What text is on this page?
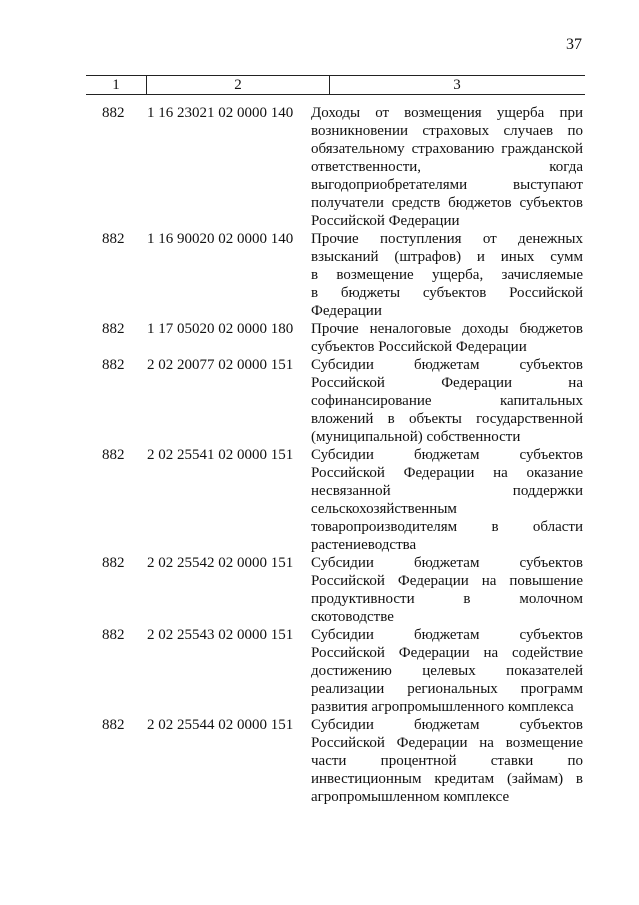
37
1	2	3
882	1 16 23021 02 0000 140	Доходы от возмещения ущерба при
возникновении страховых случаев по
обязательному страхованию гражданской
ответственности, когда
выгодоприобретателями выступают
получатели средств бюджетов субъектов
Российской Федерации
882	1 16 90020 02 0000 140	Прочие поступления от денежных
взысканий (штрафов) и иных сумм
в возмещение ущерба, зачисляемые
в бюджеты субъектов Российской
Федерации
882	1 17 05020 02 0000 180	Прочие неналоговые доходы бюджетов
субъектов Российской Федерации
882	2 02 20077 02 0000 151	Субсидии бюджетам субъектов
Российской Федерации на
софинансирование капитальных
вложений в объекты государственной
(муниципальной) собственности
882	2 02 25541 02 0000 151	Субсидии бюджетам субъектов
Российской Федерации на оказание
несвязанной поддержки
сельскохозяйственным
товаропроизводителям в области
растениеводства
882	2 02 25542 02 0000 151	Субсидии бюджетам субъектов
Российской Федерации на повышение
продуктивности в молочном
скотоводстве
882	2 02 25543 02 0000 151	Субсидии бюджетам субъектов
Российской Федерации на содействие
достижению целевых показателей
реализации региональных программ
развития агропромышленного комплекса
882	2 02 25544 02 0000 151	Субсидии бюджетам субъектов
Российской Федерации на возмещение
части процентной ставки по
инвестиционным кредитам (займам) в
агропромышленном комплексе
